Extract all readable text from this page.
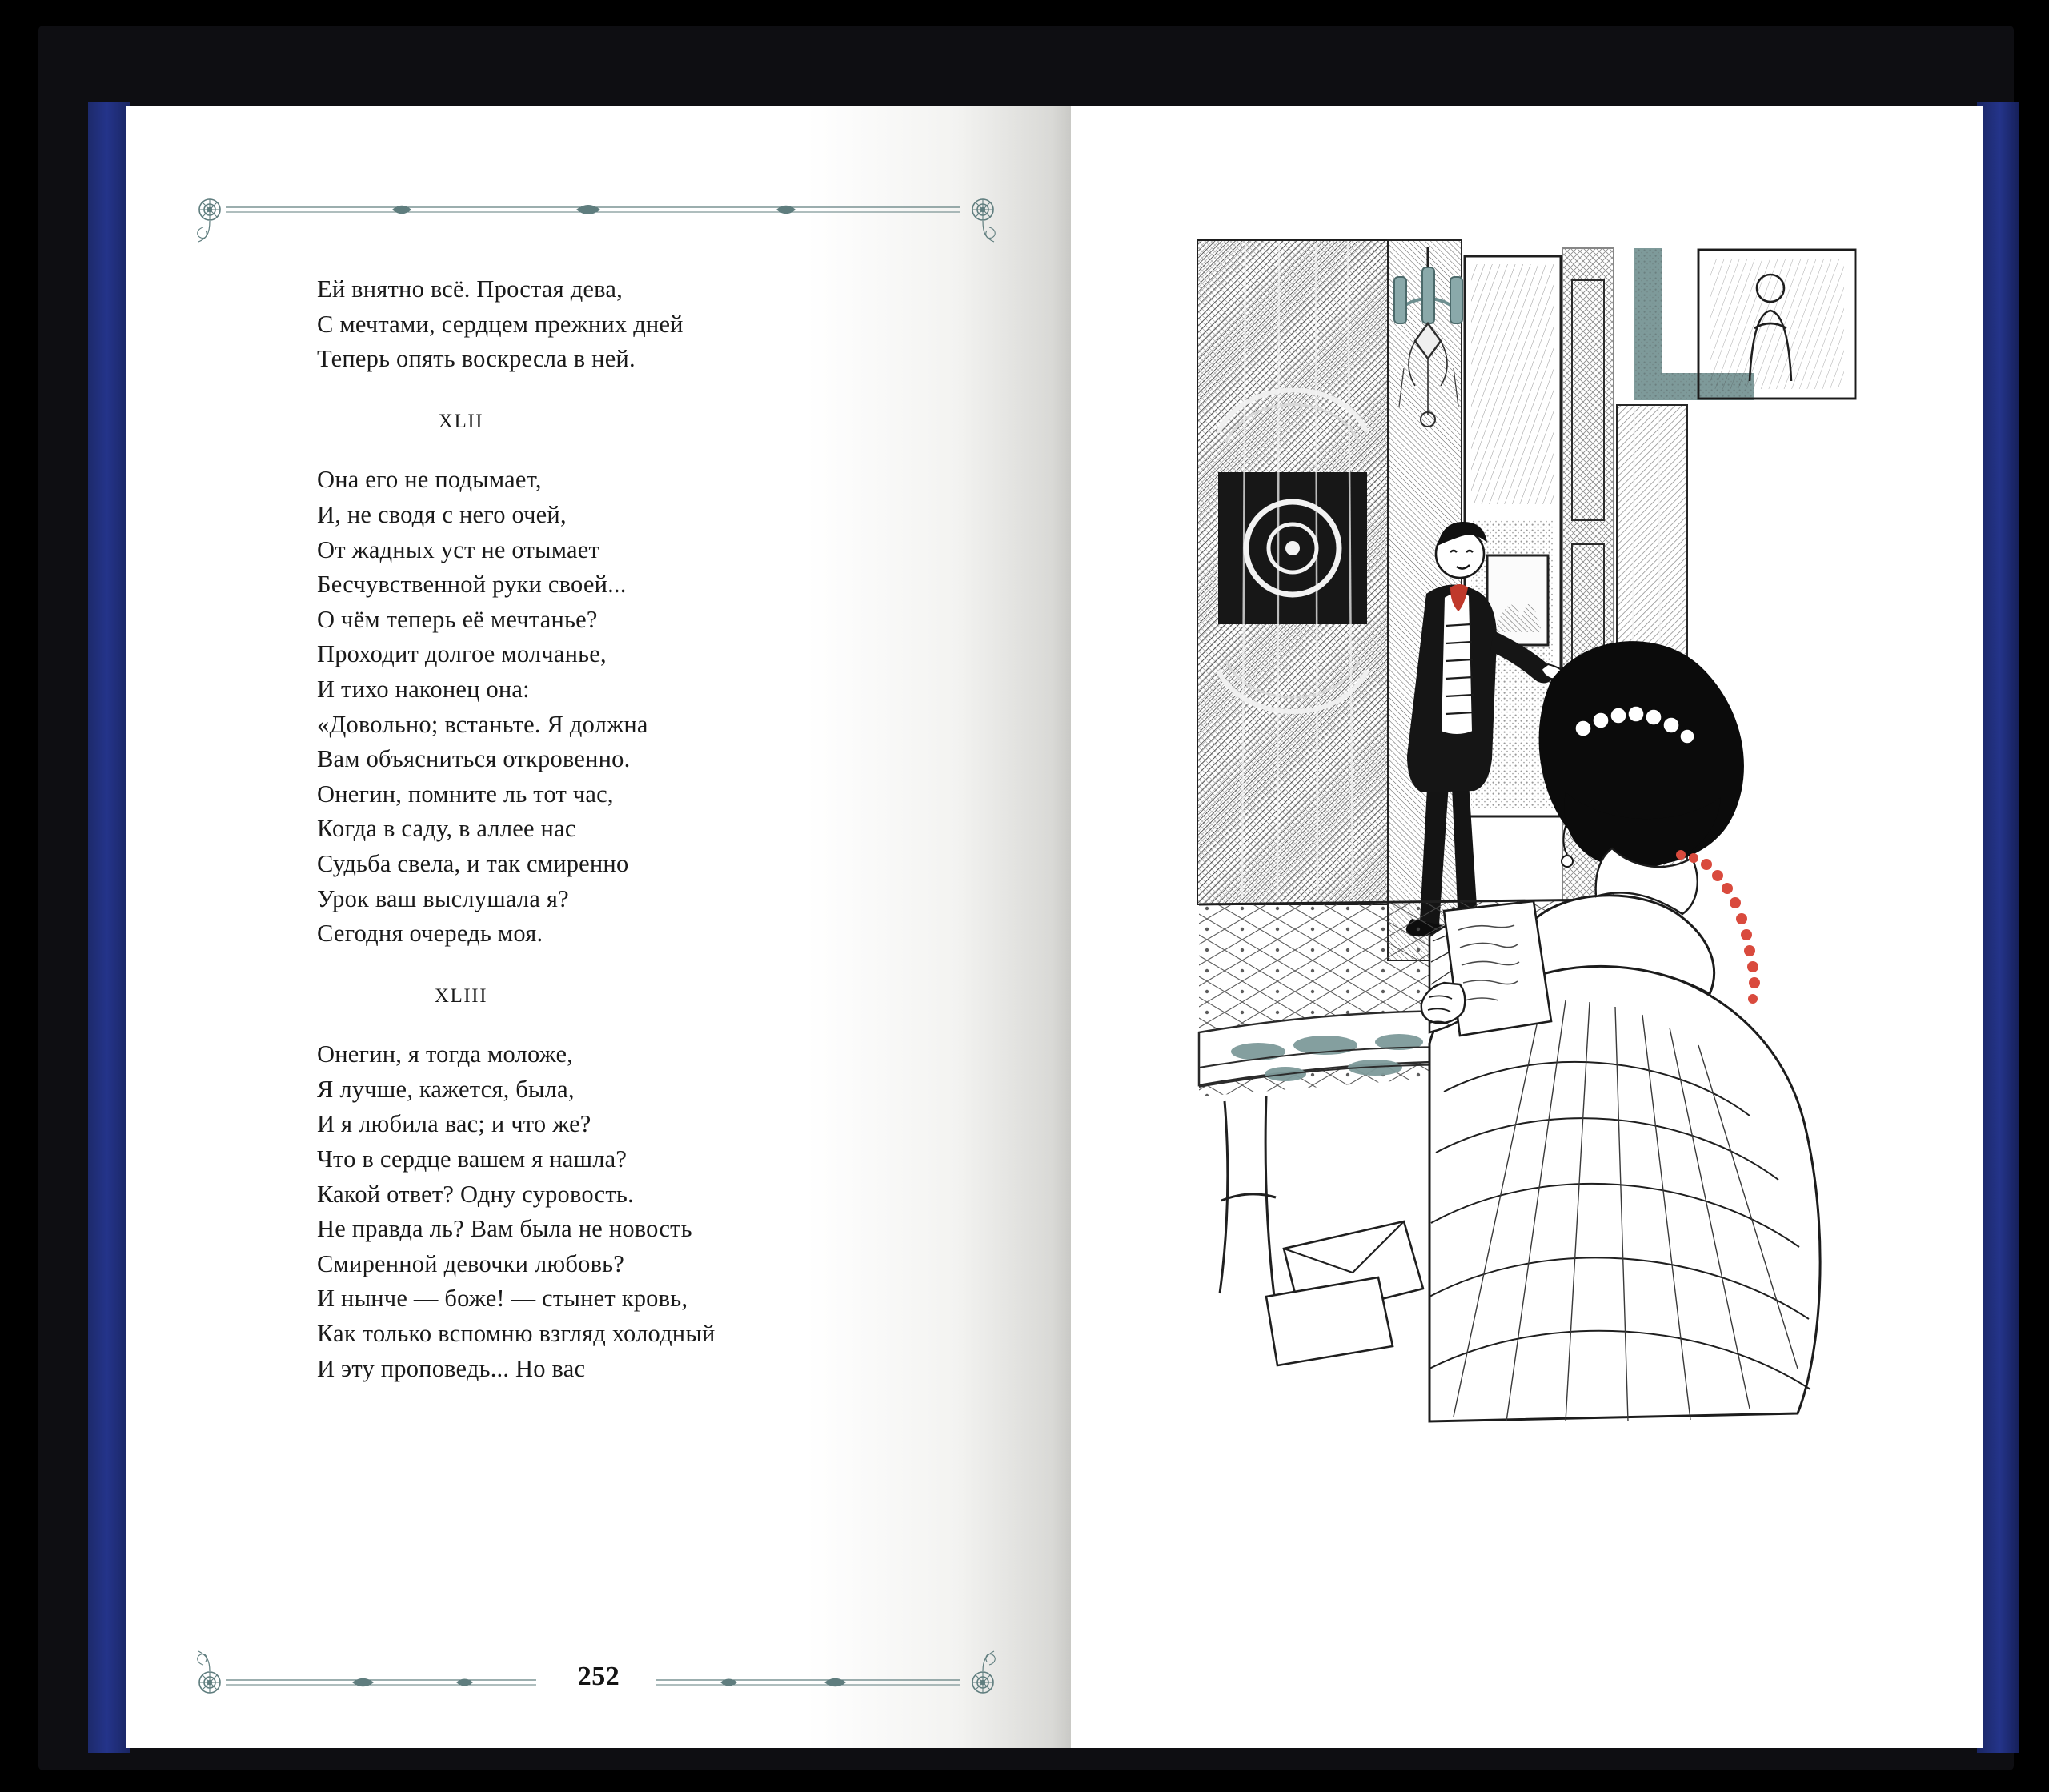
Ей внятно всё. Простая дева,
С мечтами, сердцем прежних дней
Теперь опять воскресла в ней.
XLII
Она его не подымает,
И, не сводя с него очей,
От жадных уст не отымает
Бесчувственной руки своей...
О чём теперь её мечтанье?
Проходит долгое молчанье,
И тихо наконец она:
«Довольно; встаньте. Я должна
Вам объясниться откровенно.
Онегин, помните ль тот час,
Когда в саду, в аллее нас
Судьба свела, и так смиренно
Урок ваш выслушала я?
Сегодня очередь моя.
XLIII
Онегин, я тогда моложе,
Я лучше, кажется, была,
И я любила вас; и что же?
Что в сердце вашем я нашла?
Какой ответ? Одну суровость.
Не правда ль? Вам была не новость
Смиренной девочки любовь?
И нынче — боже! — стынет кровь,
Как только вспомню взгляд холодный
И эту проповедь... Но вас
252
